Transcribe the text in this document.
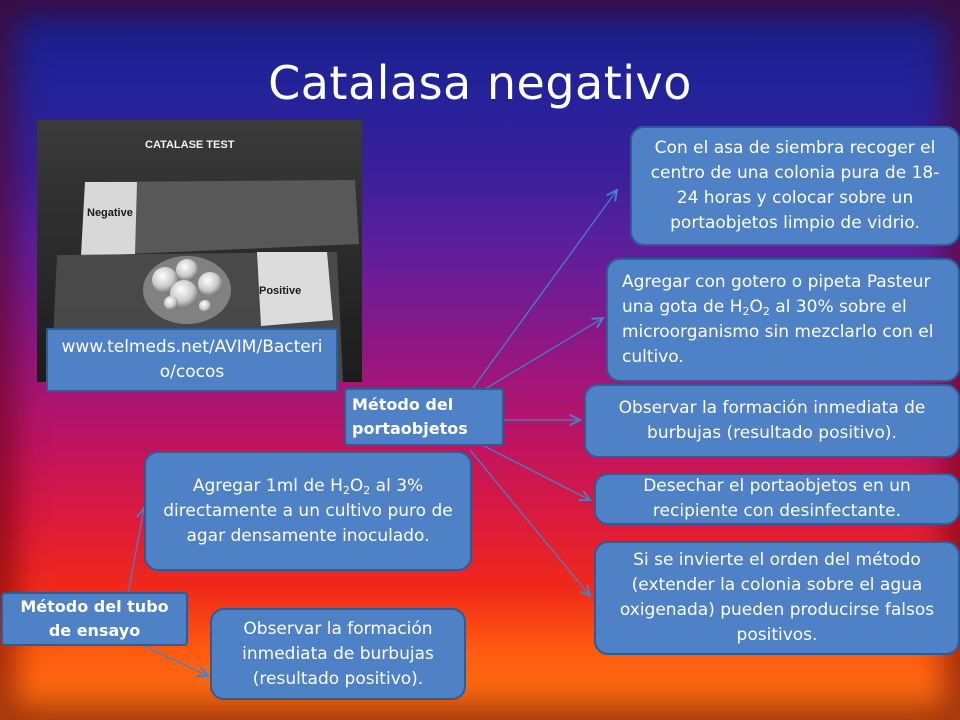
Catalasa negativo
CATALASE TEST
Negative
Positive
www.telmeds.net/AVIM/Bacterio/cocos
Método del portaobjetos
Método del tubo de ensayo
Con el asa de siembra recoger el centro de una colonia pura de 18-24 horas y colocar sobre un portaobjetos limpio de vidrio.
Agregar con gotero o pipeta Pasteur una gota de $H_2O_2$ al 30% sobre el microorganismo sin mezclarlo con el cultivo.
Observar la formación inmediata de burbujas (resultado positivo).
Desechar el portaobjetos en un recipiente con desinfectante.
Si se invierte el orden del método (extender la colonia sobre el agua oxigenada) pueden producirse falsos positivos.
Agregar 1ml de $H_2O_2$ al 3% directamente a un cultivo puro de agar densamente inoculado.
Observar la formación inmediata de burbujas (resultado positivo).
